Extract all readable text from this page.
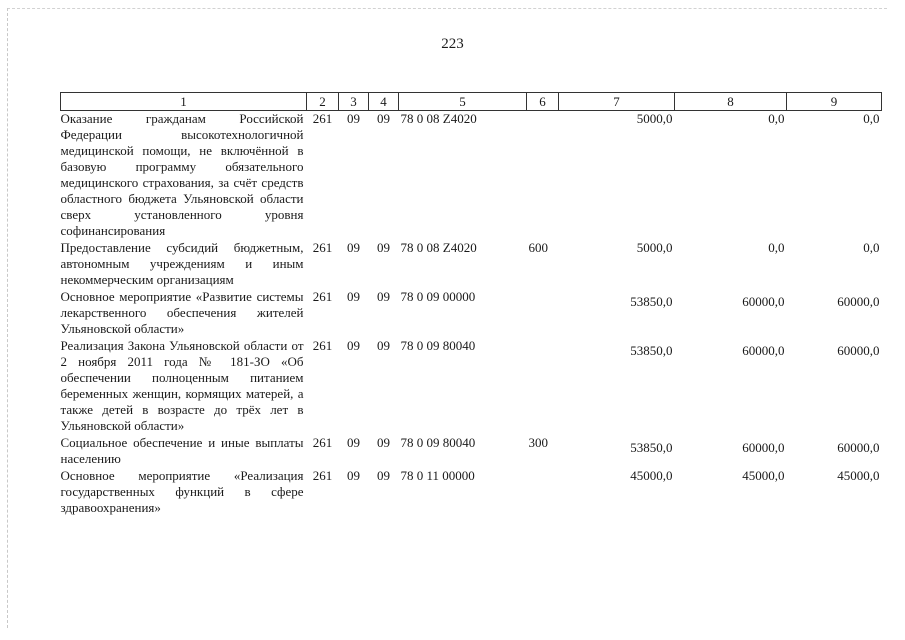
223
1	2	3	4	5	6	7	8	9
Оказание гражданам Российской Федерации высокотехнологичной медицинской помощи, не включённой в базовую программу обязательного медицинского страхования, за счёт средств областного бюджета Ульяновской области сверх установленного уровня софинансирования	261	09	09	78 0 08 Z4020		5000,0	0,0	0,0
Предоставление субсидий бюджетным, автономным учреждениям и иным некоммерческим организациям	261	09	09	78 0 08 Z4020	600	5000,0	0,0	0,0
Основное мероприятие «Развитие системы лекарственного обеспечения жителей Ульяновской области»	261	09	09	78 0 09 00000		53850,0	60000,0	60000,0
Реализация Закона Ульяновской области от 2 ноября 2011 года № 181-ЗО «Об обеспечении полноценным питанием беременных женщин, кормящих матерей, а также детей в возрасте до трёх лет в Ульяновской области»	261	09	09	78 0 09 80040		53850,0	60000,0	60000,0
Социальное обеспечение и иные выплаты населению	261	09	09	78 0 09 80040	300	53850,0	60000,0	60000,0
Основное мероприятие «Реализация государственных функций в сфере здравоохранения»	261	09	09	78 0 11 00000		45000,0	45000,0	45000,0
